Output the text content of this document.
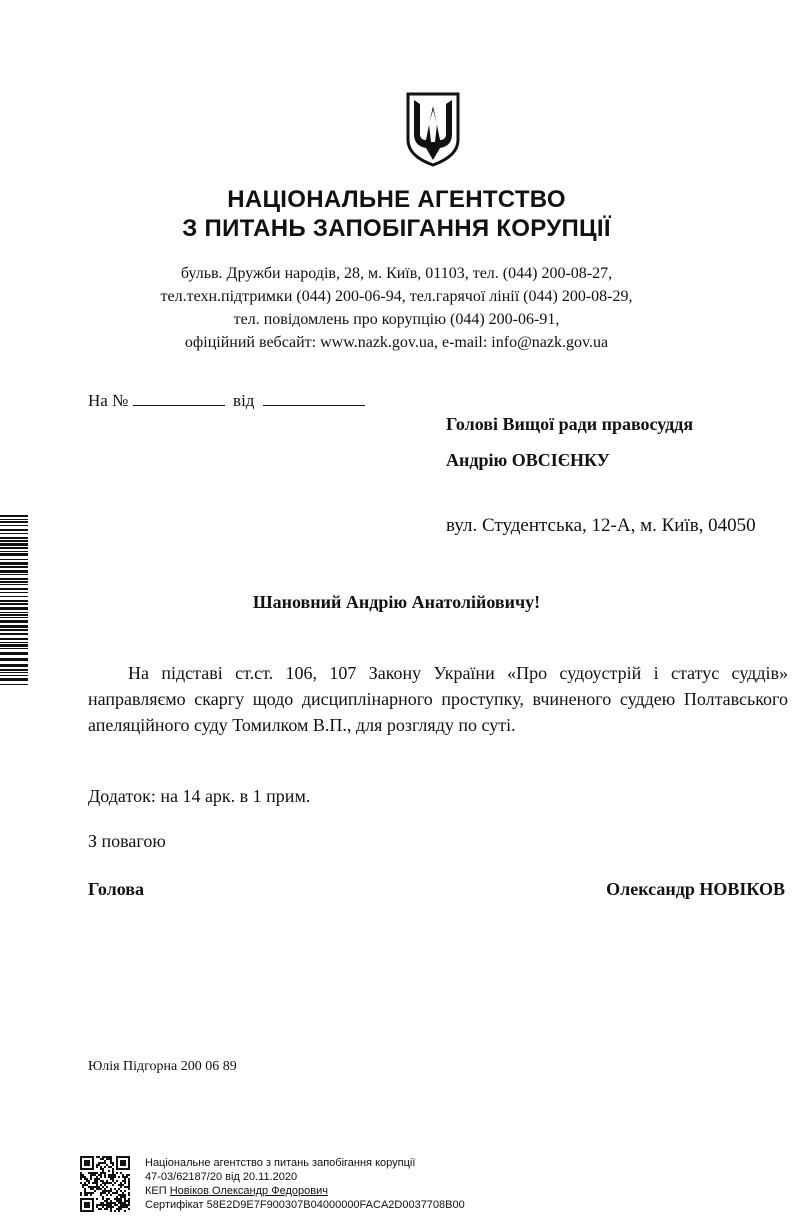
НАЦІОНАЛЬНЕ АГЕНТСТВО
З ПИТАНЬ ЗАПОБІГАННЯ КОРУПЦІЇ
бульв. Дружби народів, 28, м. Київ, 01103, тел. (044) 200-08-27,
тел.техн.підтримки (044) 200-06-94, тел.гарячої лінії (044) 200-08-29,
тел. повідомлень про корупцію (044) 200-06-91,
офіційний вебсайт: www.nazk.gov.ua, e-mail: info@nazk.gov.ua
На №	від
Голові Вищої ради правосуддя
Андрію ОВСІЄНКУ
вул. Студентська, 12-А, м. Київ, 04050
Шановний Андрію Анатолійовичу!
На підставі ст.ст. 106, 107 Закону України «Про судоустрій і статус суддів» направляємо скаргу щодо дисциплінарного проступку, вчиненого суддею Полтавського апеляційного суду Томилком В.П., для розгляду по суті.
Додаток: на 14 арк. в 1 прим.
З повагою
Голова	Олександр НОВІКОВ
Юлія Підгорна 200 06 89
Національне агентство з питань запобігання корупції
47-03/62187/20 від 20.11.2020
КЕП Новіков Олександр Федорович
Сертифікат 58E2D9E7F900307B04000000FACA2D0037708B00
